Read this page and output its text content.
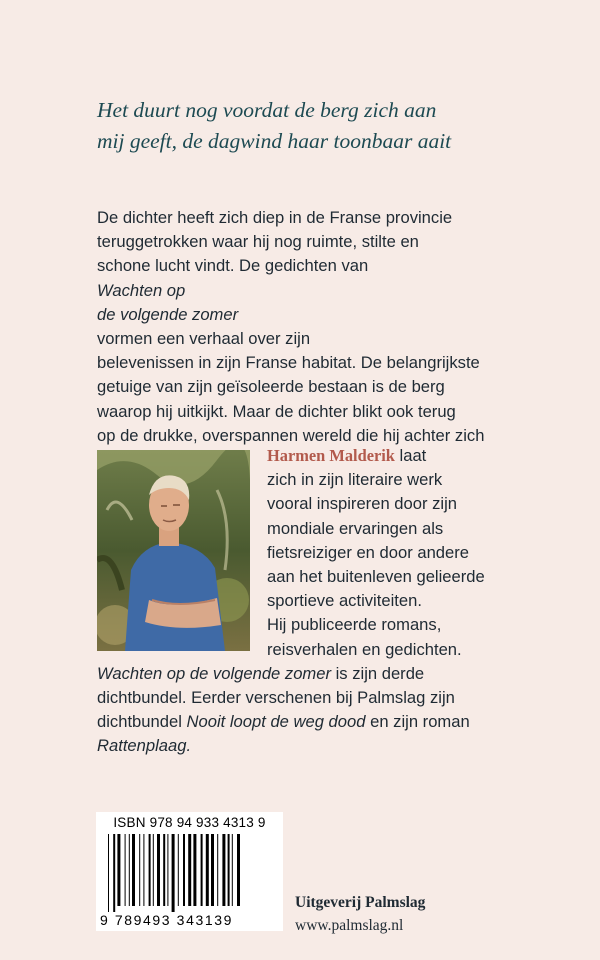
Het duurt nog voordat de berg zich aan
mij geeft, de dagwind haar toonbaar aait

De dichter heeft zich diep in de Franse provincie
teruggetrokken waar hij nog ruimte, stilte en
schone lucht vindt. De gedichten van
Wachten op
de volgende zomer
vormen een verhaal over zijn
belevenissen in zijn Franse habitat. De belangrijkste
getuige van zijn geïsoleerde bestaan is de berg
waarop hij uitkijkt. Maar de dichter blikt ook terug
op de drukke, overspannen wereld die hij achter zich

Harmen Malderik laat
zich in zijn literaire werk
vooral inspireren door zijn
mondiale ervaringen als
fietsreiziger en door andere
aan het buitenleven gelieerde
sportieve activiteiten.
Hij publiceerde romans,
reisverhalen en gedichten.
Wachten op de volgende zomer is zijn derde
dichtbundel. Eerder verschenen bij Palmslag zijn
dichtbundel Nooit loopt de weg dood en zijn roman
Rattenplaag.

ISBN 978 94 933 4313 9
9 789493 343139
Uitgeverij Palmslag
www.palmslag.nl
